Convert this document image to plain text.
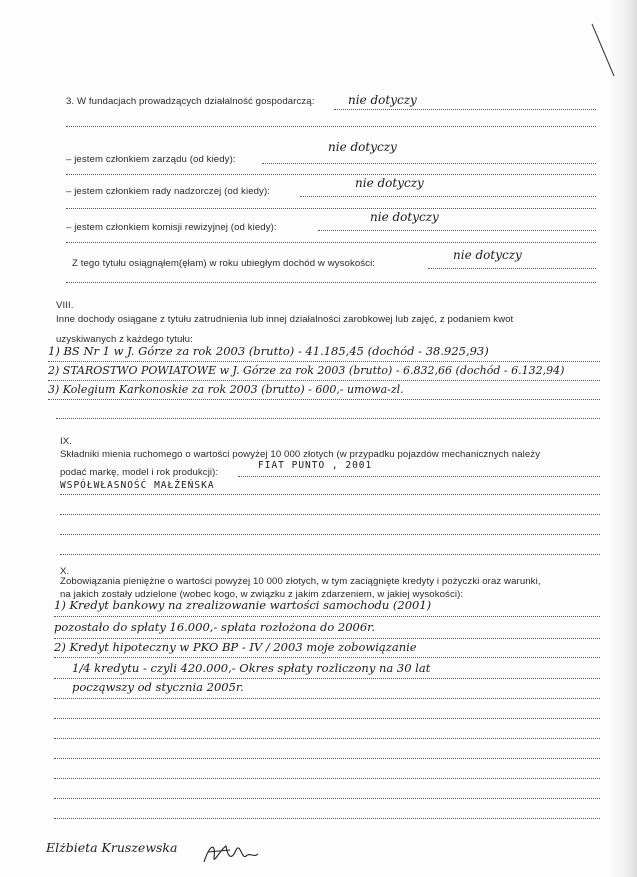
3. W fundacjach prowadzących działalność gospodarczą:	nie dotyczy
– jestem członkiem zarządu (od kiedy):
nie dotyczy
– jestem członkiem rady nadzorczej (od kiedy):
nie dotyczy
– jestem członkiem komisji rewizyjnej (od kiedy):
nie dotyczy
Z tego tytułu osiągnąłem(ęłam) w roku ubiegłym dochód w wysokości:
nie dotyczy
VIII.
Inne dochody osiągane z tytułu zatrudnienia lub innej działalności zarobkowej lub zajęć, z podaniem kwot
uzyskiwanych z każdego tytułu:
1) BS Nr 1 w J. Górze za rok 2003 (brutto) - 41.185,45 (dochód - 38.925,93)
2) STAROSTWO POWIATOWE w J. Górze za rok 2003 (brutto) - 6.832,66 (dochód - 6.132,94)
3) Kolegium Karkonoskie za rok 2003 (brutto) - 600,- umowa-zl.
IX.
Składniki mienia ruchomego o wartości powyżej 10 000 złotych (w przypadku pojazdów mechanicznych należy
podać markę, model i rok produkcji):
FIAT PUNTO , 2001
WSPÓŁWŁASNOŚĆ MAŁŻEŃSKA
X.
Zobowiązania pieniężne o wartości powyżej 10 000 złotych, w tym zaciągnięte kredyty i pożyczki oraz warunki,
na jakich zostały udzielone (wobec kogo, w związku z jakim zdarzeniem, w jakiej wysokości):
1) Kredyt bankowy na zrealizowanie wartości samochodu (2001)
pozostało do spłaty 16.000,- spłata rozłożona do 2006r.
2) Kredyt hipoteczny w PKO BP - IV / 2003 moje zobowiązanie
1/4 kredytu - czyli 420.000,- Okres spłaty rozliczony na 30 lat
począwszy od stycznia 2005r.
Elżbieta Kruszewska
